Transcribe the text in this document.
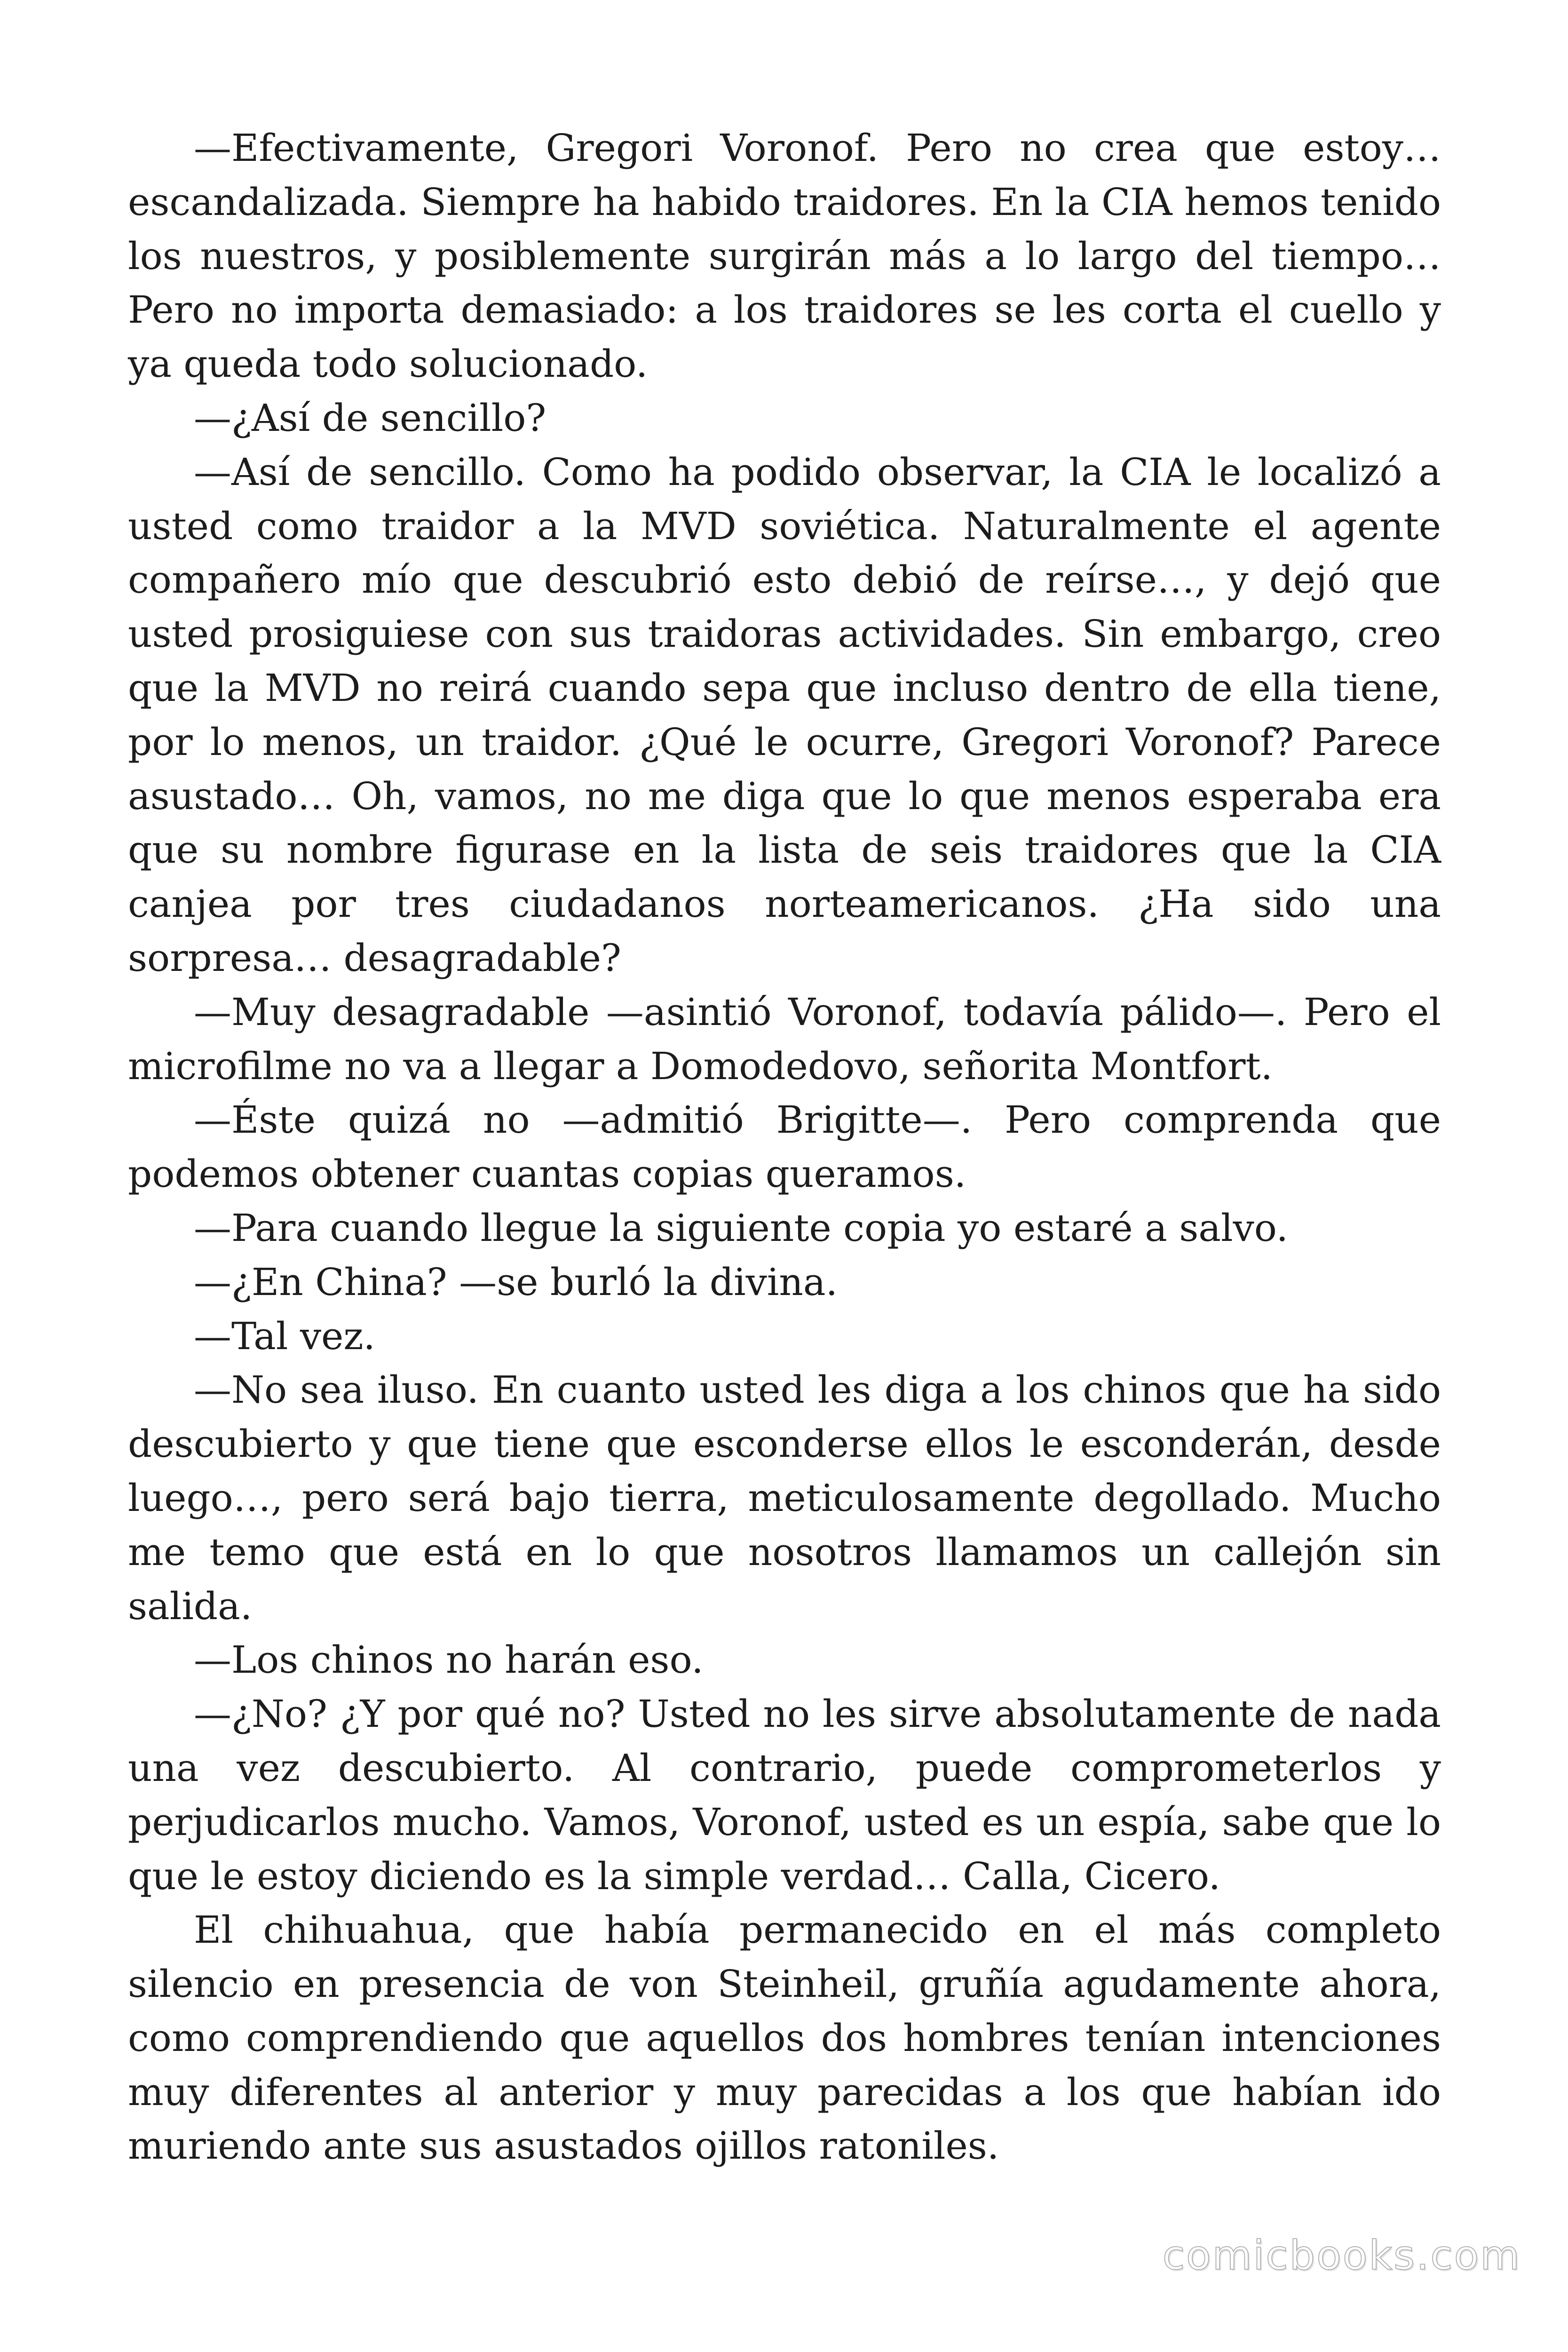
—Efectivamente, Gregori Voronof. Pero no crea que estoy… escandalizada. Siempre ha habido traidores. En la CIA hemos tenido los nuestros, y posiblemente surgirán más a lo largo del tiempo… Pero no importa demasiado: a los traidores se les corta el cuello y ya queda todo solucionado.

—¿Así de sencillo?

—Así de sencillo. Como ha podido observar, la CIA le localizó a usted como traidor a la MVD soviética. Naturalmente el agente compañero mío que descubrió esto debió de reírse…, y dejó que usted prosiguiese con sus traidoras actividades. Sin embargo, creo que la MVD no reirá cuando sepa que incluso dentro de ella tiene, por lo menos, un traidor. ¿Qué le ocurre, Gregori Voronof? Parece asustado… Oh, vamos, no me diga que lo que menos esperaba era que su nombre figurase en la lista de seis traidores que la CIA canjea por tres ciudadanos norteamericanos. ¿Ha sido una sorpresa… desagradable?

—Muy desagradable —asintió Voronof, todavía pálido—. Pero el microfilme no va a llegar a Domodedovo, señorita Montfort.

—Éste quizá no —admitió Brigitte—. Pero comprenda que podemos obtener cuantas copias queramos.

—Para cuando llegue la siguiente copia yo estaré a salvo.

—¿En China? —se burló la divina.

—Tal vez.

—No sea iluso. En cuanto usted les diga a los chinos que ha sido descubierto y que tiene que esconderse ellos le esconderán, desde luego…, pero será bajo tierra, meticulosamente degollado. Mucho me temo que está en lo que nosotros llamamos un callejón sin salida.

—Los chinos no harán eso.

—¿No? ¿Y por qué no? Usted no les sirve absolutamente de nada una vez descubierto. Al contrario, puede comprometerlos y perjudicarlos mucho. Vamos, Voronof, usted es un espía, sabe que lo que le estoy diciendo es la simple verdad… Calla, Cicero.

El chihuahua, que había permanecido en el más completo silencio en presencia de von Steinheil, gruñía agudamente ahora, como comprendiendo que aquellos dos hombres tenían intenciones muy diferentes al anterior y muy parecidas a los que habían ido muriendo ante sus asustados ojillos ratoniles.

comicbooks.com
